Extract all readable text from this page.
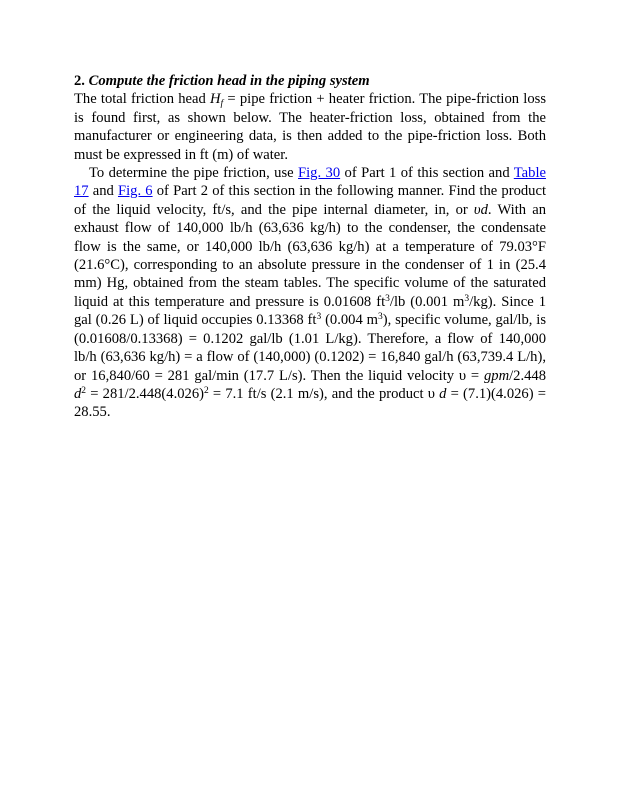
2. Compute the friction head in the piping system

The total friction head $H_f$ = pipe friction + heater friction. The pipe-friction loss is found first, as shown below. The heater-friction loss, obtained from the manufacturer or engineering data, is then added to the pipe-friction loss. Both must be expressed in ft (m) of water.

To determine the pipe friction, use Fig. 30 of Part 1 of this section and Table 17 and Fig. 6 of Part 2 of this section in the following manner. Find the product of the liquid velocity, ft/s, and the pipe internal diameter, in, or υd. With an exhaust flow of 140,000 lb/h (63,636 kg/h) to the condenser, the condensate flow is the same, or 140,000 lb/h (63,636 kg/h) at a temperature of 79.03°F (21.6°C), corresponding to an absolute pressure in the condenser of 1 in (25.4 mm) Hg, obtained from the steam tables. The specific volume of the saturated liquid at this temperature and pressure is 0.01608 $ft^3/lb$ (0.001 $m^3/kg$). Since 1 gal (0.26 L) of liquid occupies 0.13368 $ft^3$ (0.004 $m^3$), specific volume, gal/lb, is (0.01608/0.13368) = 0.1202 gal/lb (1.01 L/kg). Therefore, a flow of 140,000 lb/h (63,636 kg/h) = a flow of (140,000) (0.1202) = 16,840 gal/h (63,739.4 L/h), or 16,840/60 = 281 gal/min (17.7 L/s). Then the liquid velocity υ = gpm/2.448 $d^2 = 281/2.448(4.026)^2 = 7.1$ ft/s (2.1 m/s), and the product υ d = (7.1)(4.026) = 28.55.
